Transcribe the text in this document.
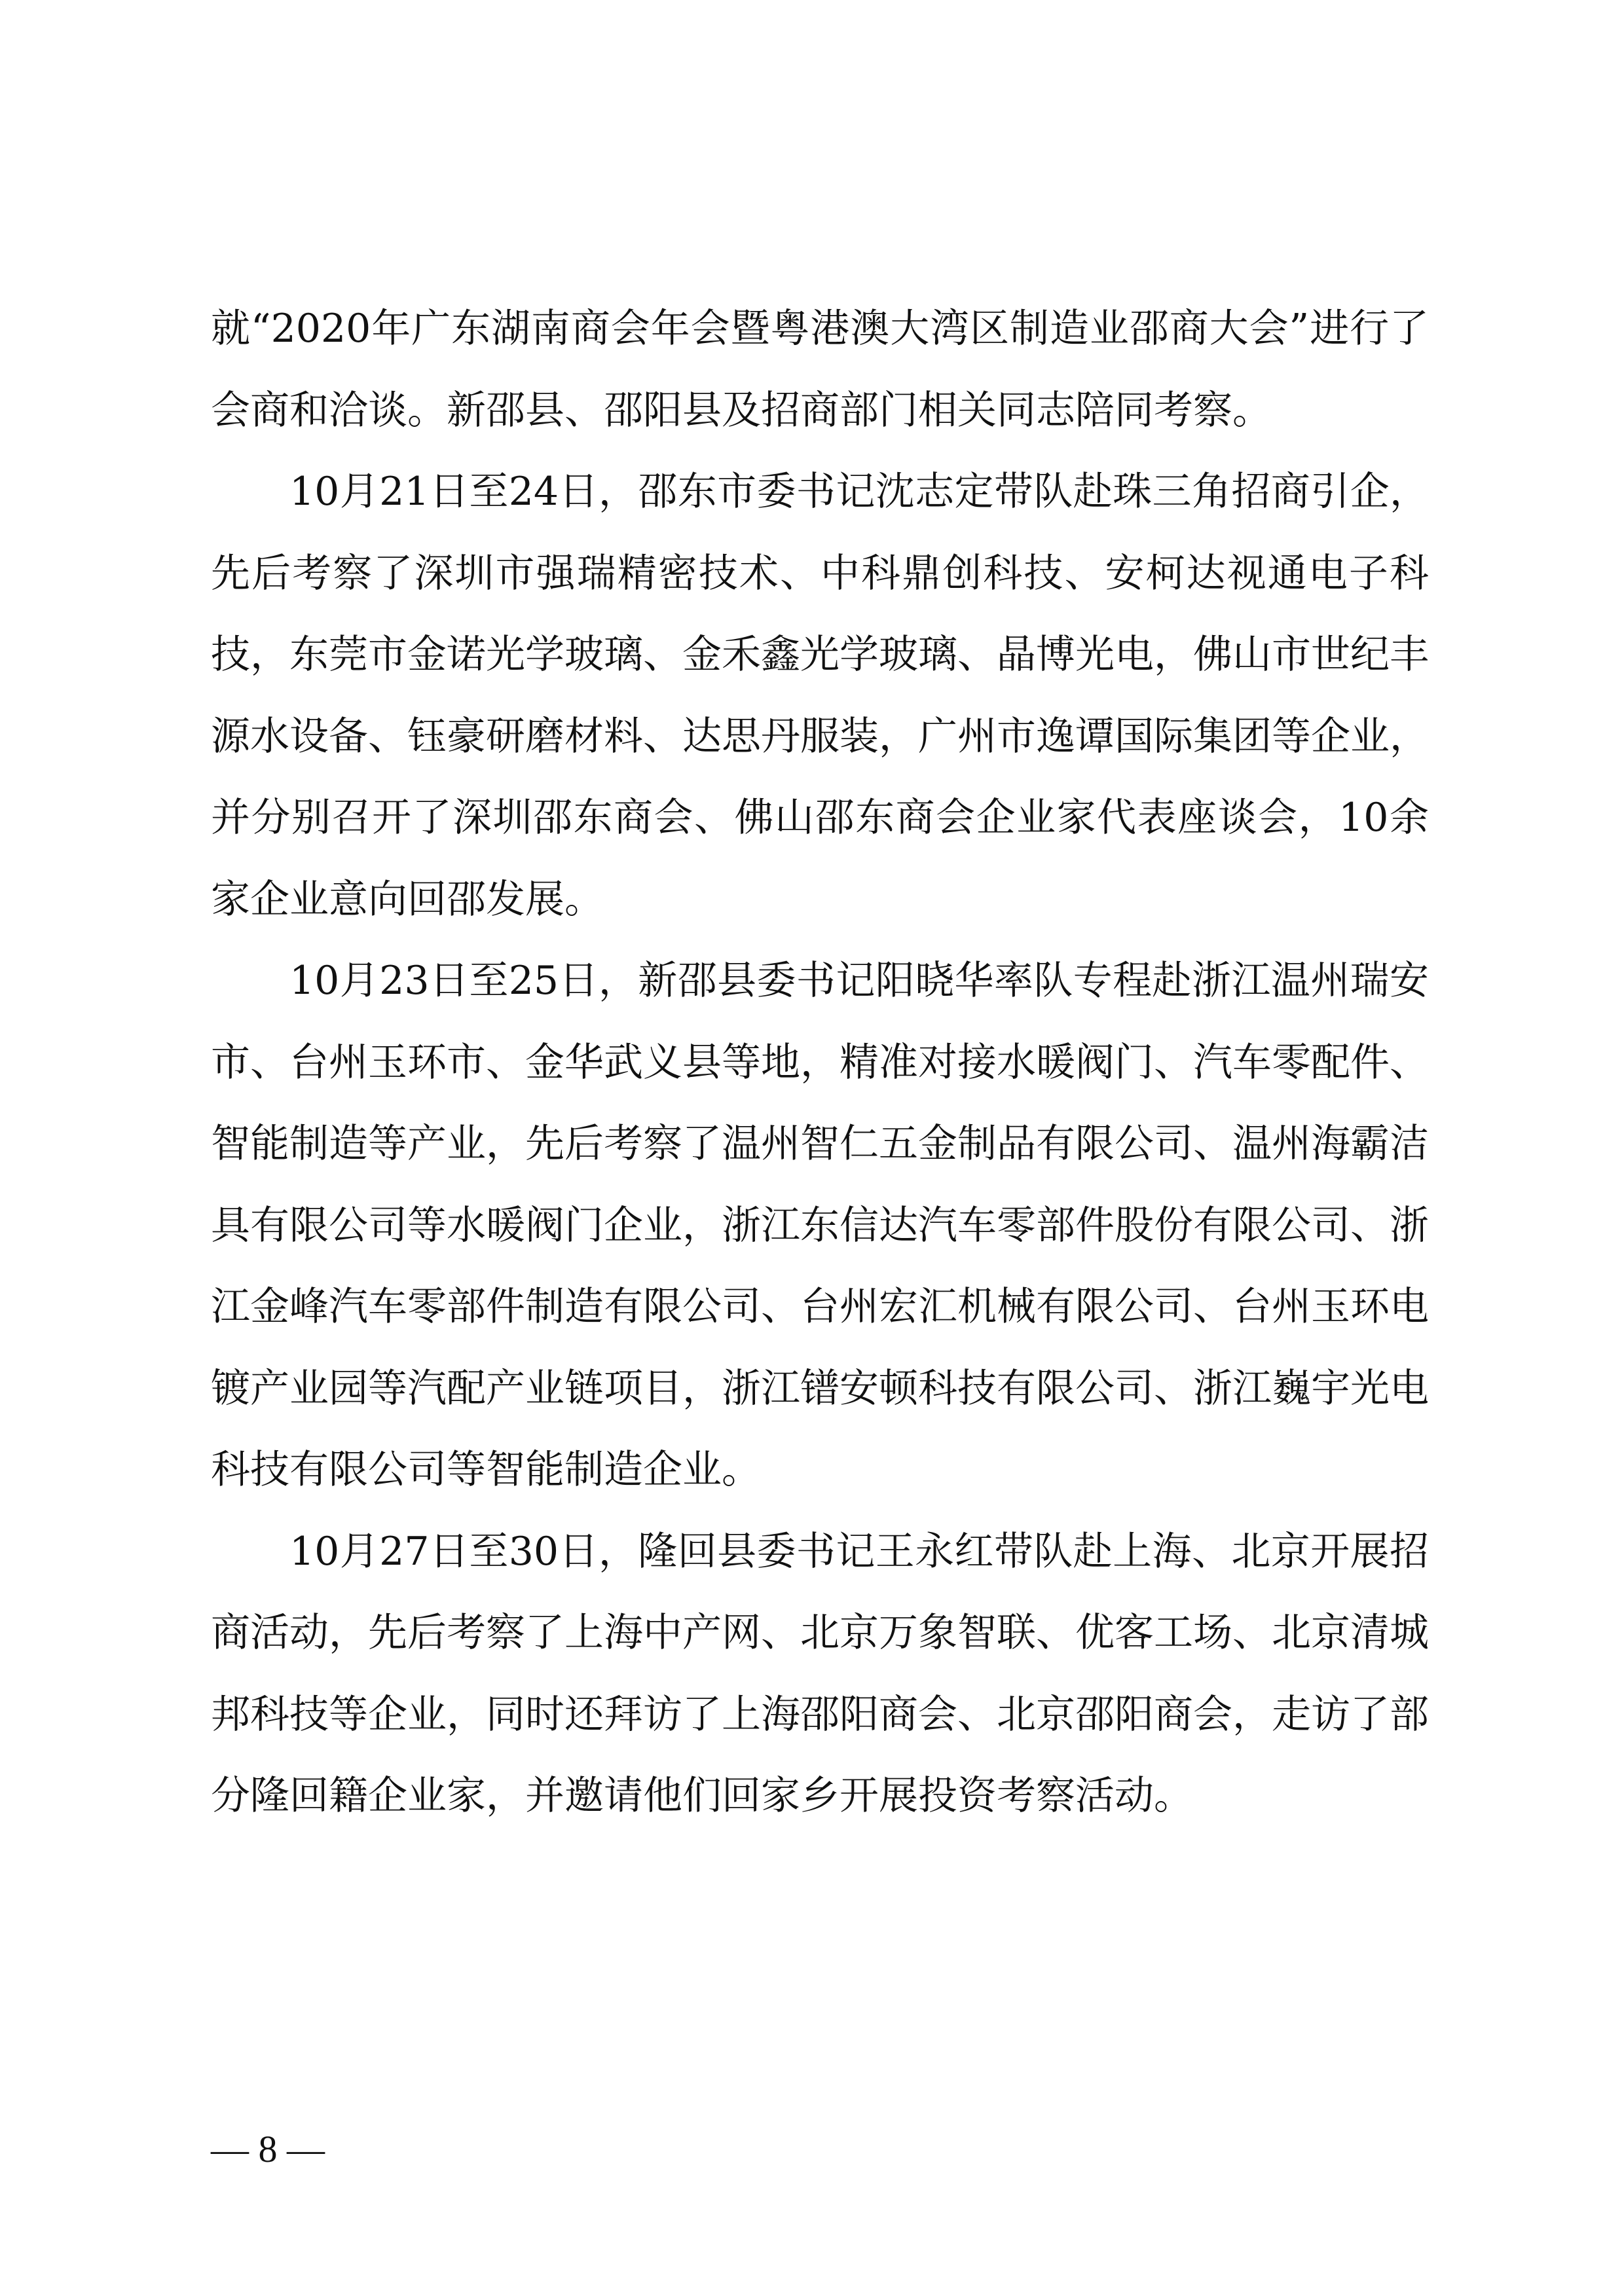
就“2020年广东湖南商会年会暨粤港澳大湾区制造业邵商大会”进行了会商和洽谈。新邵县、邵阳县及招商部门相关同志陪同考察。

10月21日至24日，邵东市委书记沈志定带队赴珠三角招商引企，先后考察了深圳市强瑞精密技术、中科鼎创科技、安柯达视通电子科技，东莞市金诺光学玻璃、金禾鑫光学玻璃、晶博光电，佛山市世纪丰源水设备、钰豪研磨材料、达思丹服装，广州市逸谭国际集团等企业，并分别召开了深圳邵东商会、佛山邵东商会企业家代表座谈会，10余家企业意向回邵发展。

10月23日至25日，新邵县委书记阳晓华率队专程赴浙江温州瑞安市、台州玉环市、金华武义县等地，精准对接水暖阀门、汽车零配件、智能制造等产业，先后考察了温州智仁五金制品有限公司、温州海霸洁具有限公司等水暖阀门企业，浙江东信达汽车零部件股份有限公司、浙江金峰汽车零部件制造有限公司、台州宏汇机械有限公司、台州玉环电镀产业园等汽配产业链项目，浙江镨安顿科技有限公司、浙江巍宇光电科技有限公司等智能制造企业。

10月27日至30日，隆回县委书记王永红带队赴上海、北京开展招商活动，先后考察了上海中产网、北京万象智联、优客工场、北京清城邦科技等企业，同时还拜访了上海邵阳商会、北京邵阳商会，走访了部分隆回籍企业家，并邀请他们回家乡开展投资考察活动。

— 8 —
